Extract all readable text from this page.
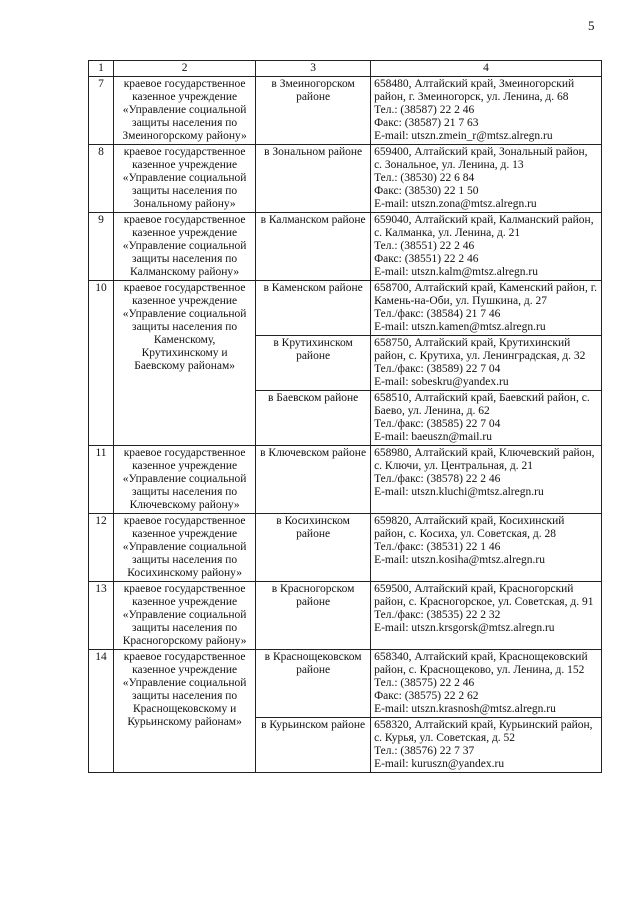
5
1	2	3	4
7	краевое государственное казенное учреждение «Управление социальной защиты населения по Змеиногорскому району»	в Змеиногорском районе	658480, Алтайский край, Змеиногорский район, г. Змеиногорск, ул. Ленина, д. 68
Тел.: (38587) 22 2 46
Факс: (38587) 21 7 63
E-mail: utszn.zmein_r@mtsz.alregn.ru

8	краевое государственное казенное учреждение «Управление социальной защиты населения по Зональному району»	в Зональном районе	659400, Алтайский край, Зональный район, с. Зональное, ул. Ленина, д. 13
Тел.: (38530) 22 6 84
Факс: (38530) 22 1 50
E-mail: utszn.zona@mtsz.alregn.ru

9	краевое государственное казенное учреждение «Управление социальной защиты населения по Калманскому району»	в Калманском районе	659040, Алтайский край, Калманский район, с. Калманка, ул. Ленина, д. 21
Тел.: (38551) 22 2 46
Факс: (38551) 22 2 46
E-mail: utszn.kalm@mtsz.alregn.ru

10	краевое государственное казенное учреждение «Управление социальной защиты населения по Каменскому, Крутихинскому и Баевскому районам»	в Каменском районе	658700, Алтайский край, Каменский район, г. Камень-на-Оби, ул. Пушкина, д. 27
Тел./факс: (38584) 21 7 46
E-mail: utszn.kamen@mtsz.alregn.ru

		в Крутихинском районе	658750, Алтайский край, Крутихинский район, с. Крутиха, ул. Ленинградская, д. 32
Тел./факс: (38589) 22 7 04
E-mail: sobeskru@yandex.ru

		в Баевском районе	658510, Алтайский край, Баевский район, с. Баево, ул. Ленина, д. 62
Тел./факс: (38585) 22 7 04
E-mail: baeuszn@mail.ru

11	краевое государственное казенное учреждение «Управление социальной защиты населения по Ключевскому району»	в Ключевском районе	658980, Алтайский край, Ключевский район, с. Ключи, ул. Центральная, д. 21
Тел./факс: (38578) 22 2 46
E-mail: utszn.kluchi@mtsz.alregn.ru

12	краевое государственное казенное учреждение «Управление социальной защиты населения по Косихинскому району»	в Косихинском районе	659820, Алтайский край, Косихинский район, с. Косиха, ул. Советская, д. 28
Тел./факс: (38531) 22 1 46
E-mail: utszn.kosiha@mtsz.alregn.ru

13	краевое государственное казенное учреждение «Управление социальной защиты населения по Красногорскому району»	в Красногорском районе	659500, Алтайский край, Красногорский район, с. Красногорское, ул. Советская, д. 91
Тел./факс: (38535) 22 2 32
E-mail: utszn.krsgorsk@mtsz.alregn.ru

14	краевое государственное казенное учреждение «Управление социальной защиты населения по Краснощековскому и Курьинскому районам»	в Краснощековском районе	658340, Алтайский край, Краснощековский район, с. Краснощеково, ул. Ленина, д. 152
Тел.: (38575) 22 2 46
Факс: (38575) 22 2 62
E-mail: utszn.krasnosh@mtsz.alregn.ru

		в Курьинском районе	658320, Алтайский край, Курьинский район, с. Курья, ул. Советская, д. 52
Тел.: (38576) 22 7 37
E-mail: kuruszn@yandex.ru
